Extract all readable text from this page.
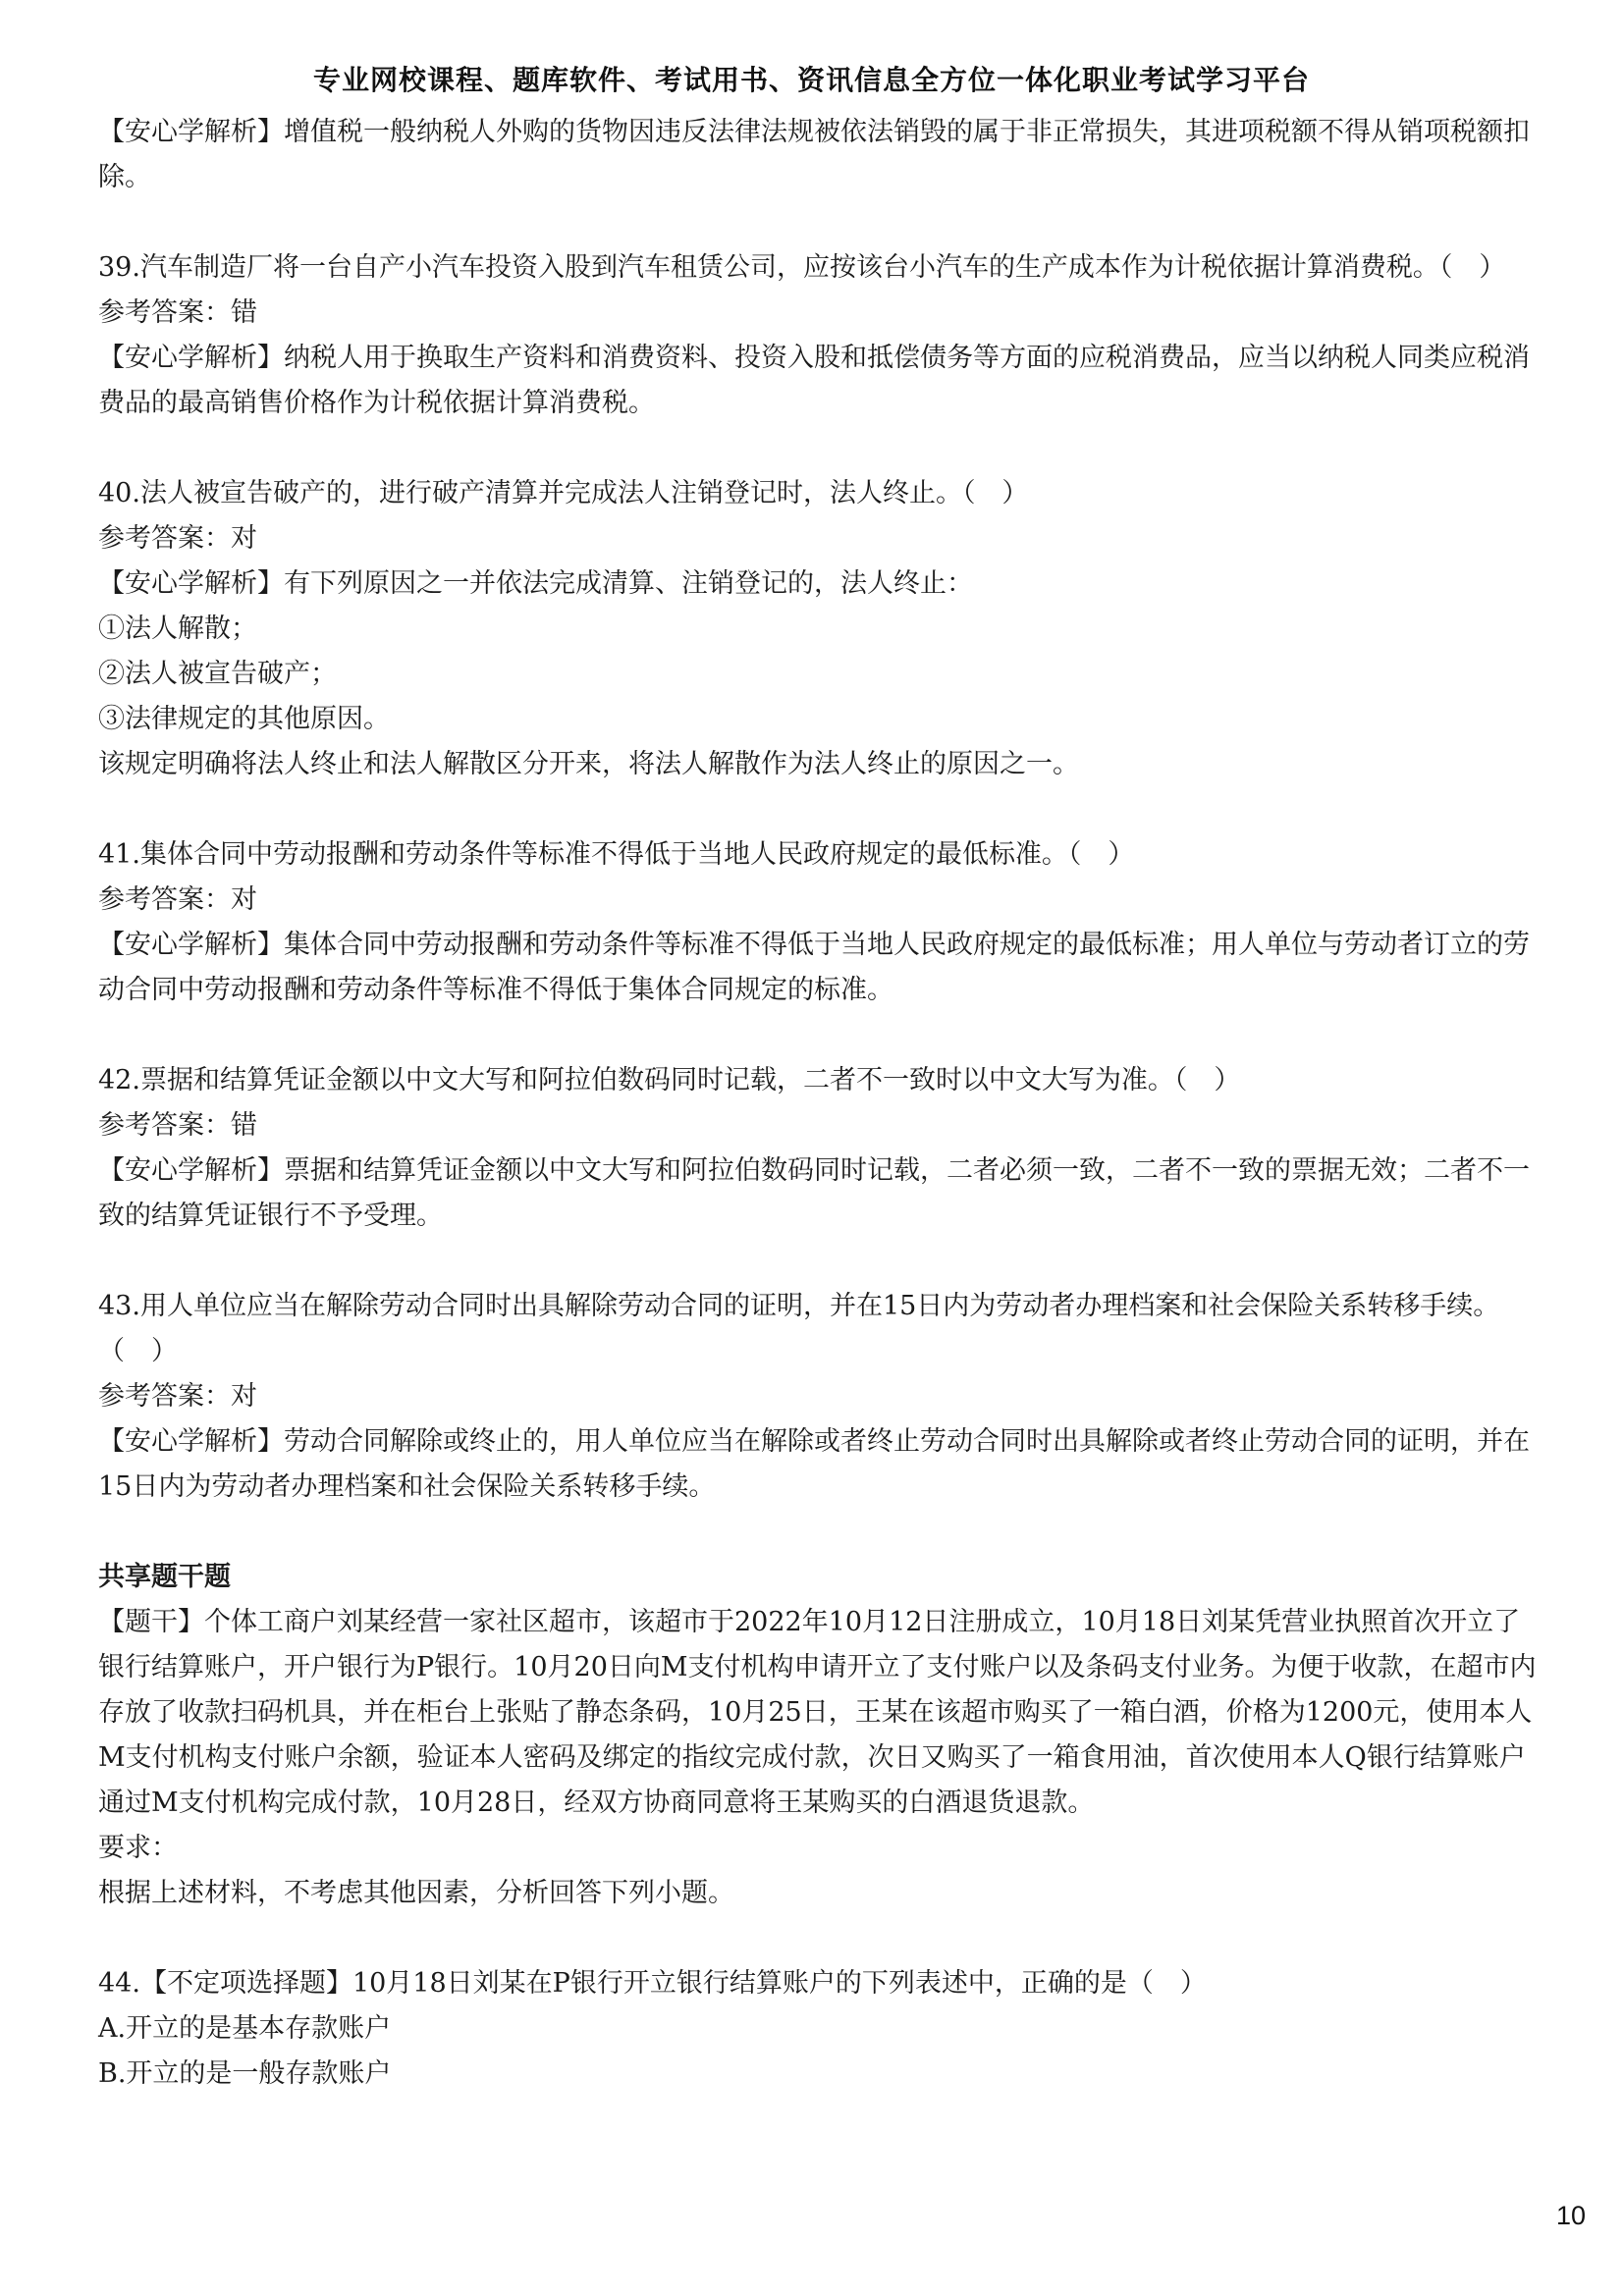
专业网校课程、题库软件、考试用书、资讯信息全方位一体化职业考试学习平台

【安心学解析】增值税一般纳税人外购的货物因违反法律法规被依法销毁的属于非正常损失，其进项税额不得从销项税额扣除。

39.汽车制造厂将一台自产小汽车投资入股到汽车租赁公司，应按该台小汽车的生产成本作为计税依据计算消费税。（　）

参考答案：错

【安心学解析】纳税人用于换取生产资料和消费资料、投资入股和抵偿债务等方面的应税消费品，应当以纳税人同类应税消费品的最高销售价格作为计税依据计算消费税。

40.法人被宣告破产的，进行破产清算并完成法人注销登记时，法人终止。（　）

参考答案：对

【安心学解析】有下列原因之一并依法完成清算、注销登记的，法人终止：

①法人解散；

②法人被宣告破产；

③法律规定的其他原因。

该规定明确将法人终止和法人解散区分开来，将法人解散作为法人终止的原因之一。

41.集体合同中劳动报酬和劳动条件等标准不得低于当地人民政府规定的最低标准。（　）

参考答案：对

【安心学解析】集体合同中劳动报酬和劳动条件等标准不得低于当地人民政府规定的最低标准；用人单位与劳动者订立的劳动合同中劳动报酬和劳动条件等标准不得低于集体合同规定的标准。

42.票据和结算凭证金额以中文大写和阿拉伯数码同时记载，二者不一致时以中文大写为准。（　）

参考答案：错

【安心学解析】票据和结算凭证金额以中文大写和阿拉伯数码同时记载，二者必须一致，二者不一致的票据无效；二者不一致的结算凭证银行不予受理。

43.用人单位应当在解除劳动合同时出具解除劳动合同的证明，并在15日内为劳动者办理档案和社会保险关系转移手续。（　）

参考答案：对

【安心学解析】劳动合同解除或终止的，用人单位应当在解除或者终止劳动合同时出具解除或者终止劳动合同的证明，并在15日内为劳动者办理档案和社会保险关系转移手续。

共享题干题

【题干】个体工商户刘某经营一家社区超市，该超市于2022年10月12日注册成立，10月18日刘某凭营业执照首次开立了银行结算账户，开户银行为P银行。10月20日向M支付机构申请开立了支付账户以及条码支付业务。为便于收款，在超市内存放了收款扫码机具，并在柜台上张贴了静态条码，10月25日，王某在该超市购买了一箱白酒，价格为1200元，使用本人M支付机构支付账户余额，验证本人密码及绑定的指纹完成付款，次日又购买了一箱食用油，首次使用本人Q银行结算账户通过M支付机构完成付款，10月28日，经双方协商同意将王某购买的白酒退货退款。

要求：

根据上述材料，不考虑其他因素，分析回答下列小题。

44.【不定项选择题】10月18日刘某在P银行开立银行结算账户的下列表述中，正确的是（　）

A.开立的是基本存款账户

B.开立的是一般存款账户

10
